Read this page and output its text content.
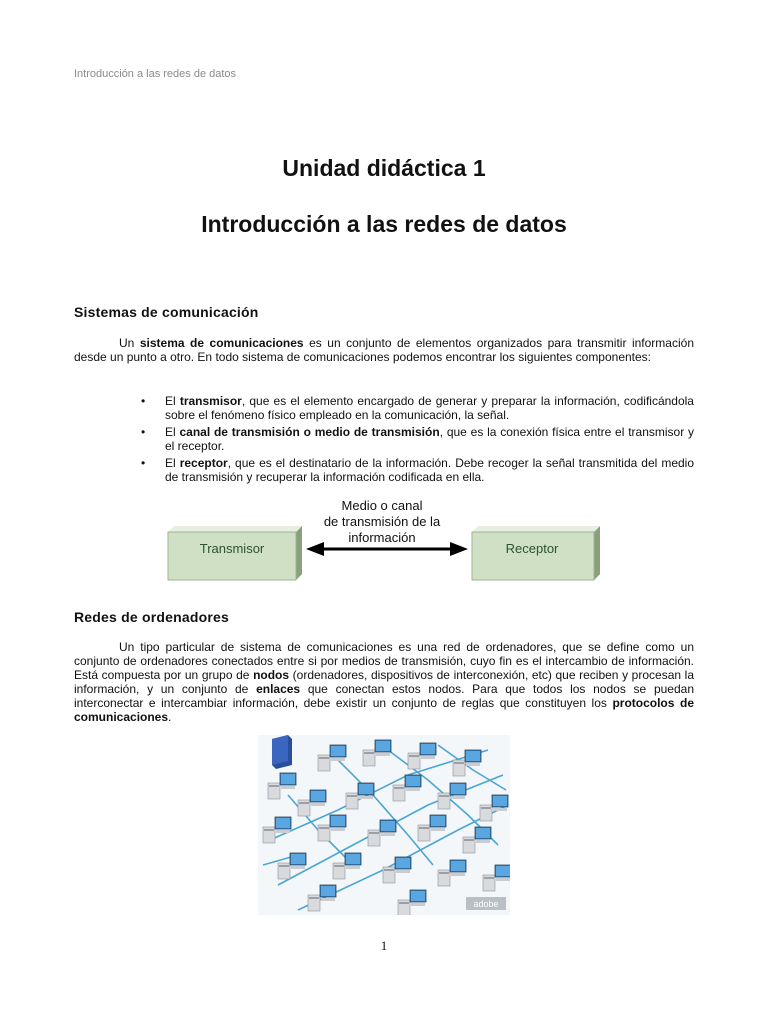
Introducción a las redes de datos
Unidad didáctica 1
Introducción a las redes de datos
Sistemas de comunicación
Un sistema de comunicaciones es un conjunto de elementos organizados para transmitir información desde un punto a otro. En todo sistema de comunicaciones podemos encontrar los siguientes componentes:
• El transmisor, que es el elemento encargado de generar y preparar la información, codificándola sobre el fenómeno físico empleado en la comunicación, la señal.
• El canal de transmisión o medio de transmisión, que es la conexión física entre el transmisor y el receptor.
• El receptor, que es el destinatario de la información. Debe recoger la señal transmitida del medio de transmisión y recuperar la información codificada en ella.
Transmisor	Receptor
Medio o canal
de transmisión de la
información
Redes de ordenadores
Un tipo particular de sistema de comunicaciones es una red de ordenadores, que se define como un conjunto de ordenadores conectados entre si por medios de transmisión, cuyo fin es el intercambio de información. Está compuesta por un grupo de nodos (ordenadores, dispositivos de interconexión, etc) que reciben y procesan la información, y un conjunto de enlaces que conectan estos nodos. Para que todos los nodos se puedan interconectar e intercambiar información, debe existir un conjunto de reglas que constituyen los protocolos de comunicaciones.
adobe
1
